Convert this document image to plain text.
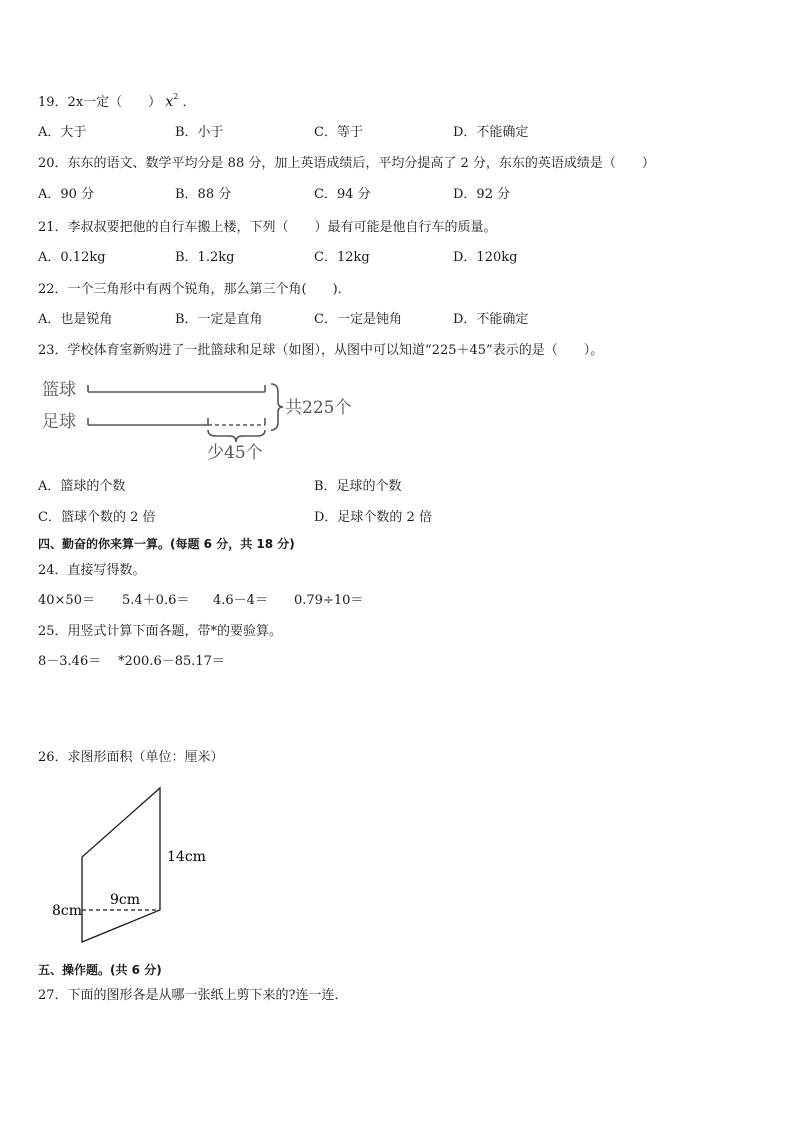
19．2x一定（　　） $x^2$ ．
A．大于	B．小于	C．等于	D．不能确定
20．东东的语文、数学平均分是 88 分，加上英语成绩后，平均分提高了 2 分，东东的英语成绩是（　　）
A．90 分	B．88 分	C．94 分	D．92 分
21．李叔叔要把他的自行车搬上楼，下列（　　）最有可能是他自行车的质量。
A．0.12kg	B．1.2kg	C．12kg	D．120kg
22．一个三角形中有两个锐角，那么第三个角(　　)．
A．也是锐角	B．一定是直角	C．一定是钝角	D．不能确定
23．学校体育室新购进了一批篮球和足球（如图），从图中可以知道“225＋45”表示的是（　　）。
篮球
足球
共225个
少45个
A．篮球的个数	B．足球的个数
C．篮球个数的 2 倍	D．足球个数的 2 倍
四、勤奋的你来算一算。(每题 6 分，共 18 分)
24．直接写得数。
40×50＝ 5.4＋0.6＝ 4.6－4＝ 0.79÷10＝
25．用竖式计算下面各题，带*的要验算。
8－3.46＝ *200.6－85.17＝
26．求图形面积（单位：厘米）
14cm
8cm
9cm
五、操作题。(共 6 分)
27．下面的图形各是从哪一张纸上剪下来的?连一连．
